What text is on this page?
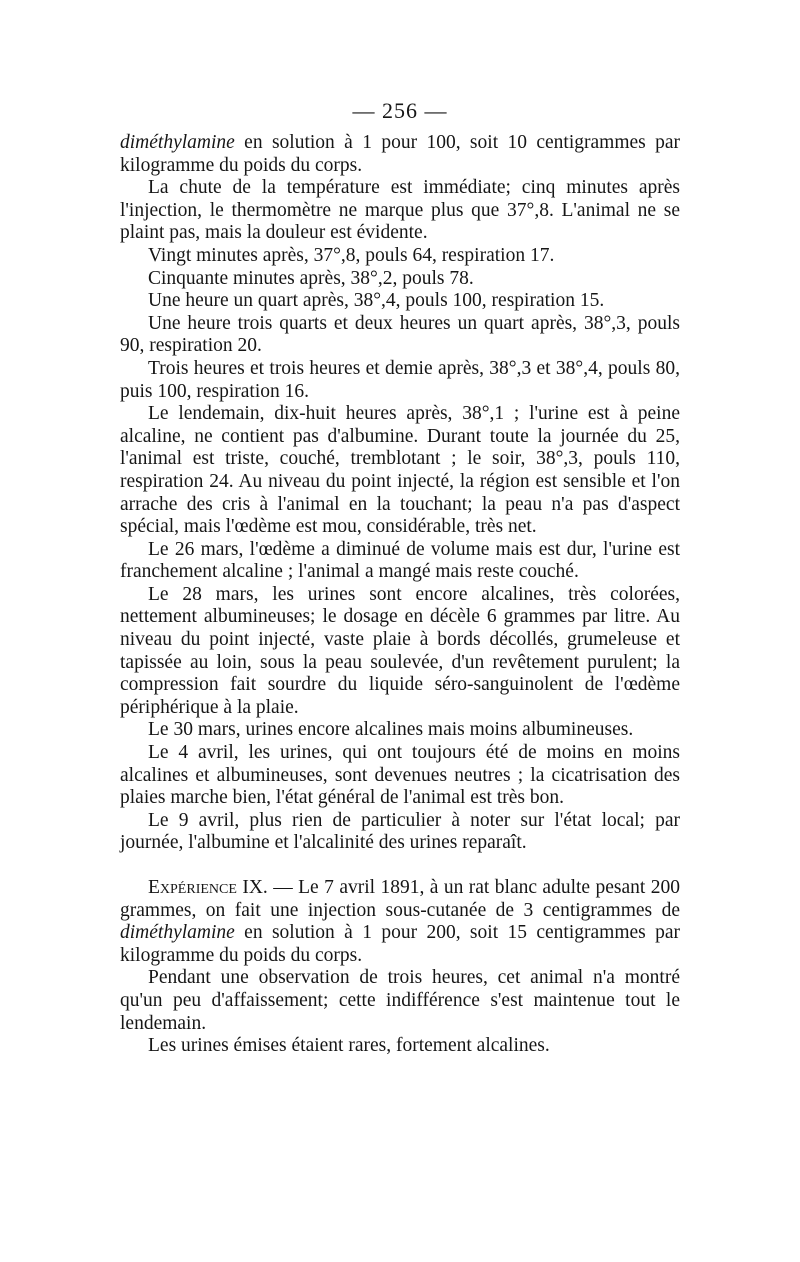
— 256 —

diméthylamine en solution à 1 pour 100, soit 10 centigrammes par kilogramme du poids du corps.

La chute de la température est immédiate; cinq minutes après l'injection, le thermomètre ne marque plus que 37°,8. L'animal ne se plaint pas, mais la douleur est évidente.

Vingt minutes après, 37°,8, pouls 64, respiration 17.

Cinquante minutes après, 38°,2, pouls 78.

Une heure un quart après, 38°,4, pouls 100, respiration 15.

Une heure trois quarts et deux heures un quart après, 38°,3, pouls 90, respiration 20.

Trois heures et trois heures et demie après, 38°,3 et 38°,4, pouls 80, puis 100, respiration 16.

Le lendemain, dix-huit heures après, 38°,1 ; l'urine est à peine alcaline, ne contient pas d'albumine. Durant toute la journée du 25, l'animal est triste, couché, tremblotant ; le soir, 38°,3, pouls 110, respiration 24. Au niveau du point injecté, la région est sensible et l'on arrache des cris à l'animal en la touchant; la peau n'a pas d'aspect spécial, mais l'œdème est mou, considérable, très net.

Le 26 mars, l'œdème a diminué de volume mais est dur, l'urine est franchement alcaline ; l'animal a mangé mais reste couché.

Le 28 mars, les urines sont encore alcalines, très colorées, nettement albumineuses; le dosage en décèle 6 grammes par litre. Au niveau du point injecté, vaste plaie à bords décollés, grumeleuse et tapissée au loin, sous la peau soulevée, d'un revêtement purulent; la compression fait sourdre du liquide séro-sanguinolent de l'œdème périphérique à la plaie.

Le 30 mars, urines encore alcalines mais moins albumineuses.

Le 4 avril, les urines, qui ont toujours été de moins en moins alcalines et albumineuses, sont devenues neutres ; la cicatrisation des plaies marche bien, l'état général de l'animal est très bon.

Le 9 avril, plus rien de particulier à noter sur l'état local; par journée, l'albumine et l'alcalinité des urines reparaît.

Expérience IX. — Le 7 avril 1891, à un rat blanc adulte pesant 200 grammes, on fait une injection sous-cutanée de 3 centigrammes de diméthylamine en solution à 1 pour 200, soit 15 centigrammes par kilogramme du poids du corps.

Pendant une observation de trois heures, cet animal n'a montré qu'un peu d'affaissement; cette indifférence s'est maintenue tout le lendemain.

Les urines émises étaient rares, fortement alcalines.
